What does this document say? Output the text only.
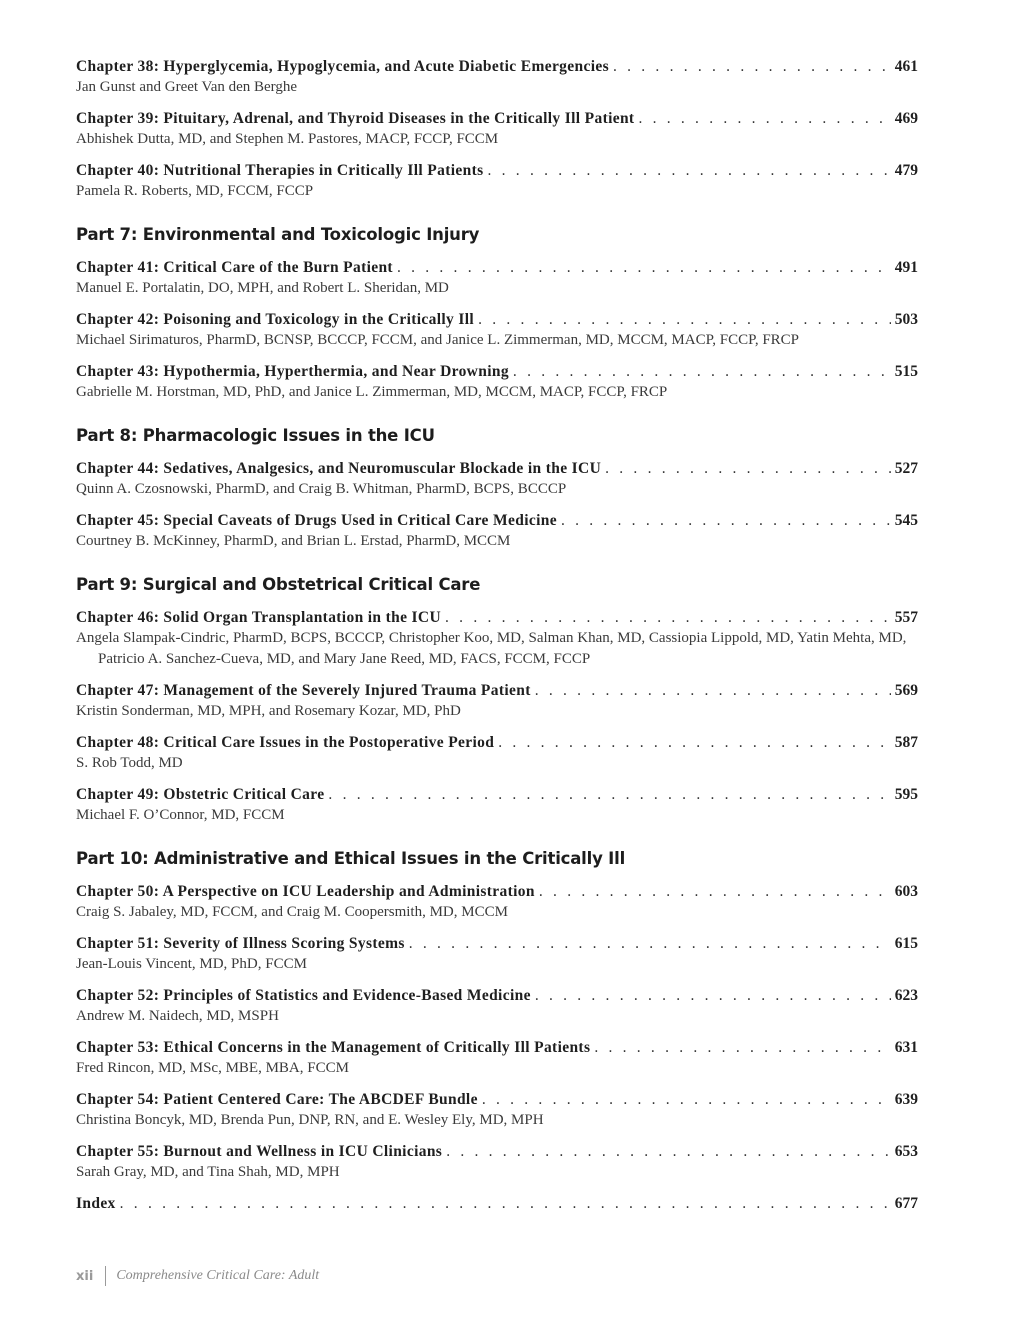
Chapter 38: Hyperglycemia, Hypoglycemia, and Acute Diabetic Emergencies . . .	461
Jan Gunst and Greet Van den Berghe
Chapter 39: Pituitary, Adrenal, and Thyroid Diseases in the Critically Ill Patient . . .	469
Abhishek Dutta, MD, and Stephen M. Pastores, MACP, FCCP, FCCM
Chapter 40: Nutritional Therapies in Critically Ill Patients . . .	479
Pamela R. Roberts, MD, FCCM, FCCP
Part 7: Environmental and Toxicologic Injury
Chapter 41: Critical Care of the Burn Patient . . .	491
Manuel E. Portalatin, DO, MPH, and Robert L. Sheridan, MD
Chapter 42: Poisoning and Toxicology in the Critically Ill . . .	503
Michael Sirimaturos, PharmD, BCNSP, BCCCP, FCCM, and Janice L. Zimmerman, MD, MCCM, MACP, FCCP, FRCP
Chapter 43: Hypothermia, Hyperthermia, and Near Drowning . . .	515
Gabrielle M. Horstman, MD, PhD, and Janice L. Zimmerman, MD, MCCM, MACP, FCCP, FRCP
Part 8: Pharmacologic Issues in the ICU
Chapter 44: Sedatives, Analgesics, and Neuromuscular Blockade in the ICU . . .	527
Quinn A. Czosnowski, PharmD, and Craig B. Whitman, PharmD, BCPS, BCCCP
Chapter 45: Special Caveats of Drugs Used in Critical Care Medicine . . .	545
Courtney B. McKinney, PharmD, and Brian L. Erstad, PharmD, MCCM
Part 9: Surgical and Obstetrical Critical Care
Chapter 46: Solid Organ Transplantation in the ICU . . .	557
Angela Slampak-Cindric, PharmD, BCPS, BCCCP, Christopher Koo, MD, Salman Khan, MD, Cassiopia Lippold, MD, Yatin Mehta, MD, Patricio A. Sanchez-Cueva, MD, and Mary Jane Reed, MD, FACS, FCCM, FCCP
Chapter 47: Management of the Severely Injured Trauma Patient . . .	569
Kristin Sonderman, MD, MPH, and Rosemary Kozar, MD, PhD
Chapter 48: Critical Care Issues in the Postoperative Period . . .	587
S. Rob Todd, MD
Chapter 49: Obstetric Critical Care . . .	595
Michael F. O’Connor, MD, FCCM
Part 10: Administrative and Ethical Issues in the Critically Ill
Chapter 50: A Perspective on ICU Leadership and Administration . . .	603
Craig S. Jabaley, MD, FCCM, and Craig M. Coopersmith, MD, MCCM
Chapter 51: Severity of Illness Scoring Systems . . .	615
Jean-Louis Vincent, MD, PhD, FCCM
Chapter 52: Principles of Statistics and Evidence-Based Medicine . . .	623
Andrew M. Naidech, MD, MSPH
Chapter 53: Ethical Concerns in the Management of Critically Ill Patients . . .	631
Fred Rincon, MD, MSc, MBE, MBA, FCCM
Chapter 54: Patient Centered Care: The ABCDEF Bundle . . .	639
Christina Boncyk, MD, Brenda Pun, DNP, RN, and E. Wesley Ely, MD, MPH
Chapter 55: Burnout and Wellness in ICU Clinicians . . .	653
Sarah Gray, MD, and Tina Shah, MD, MPH
Index . . .	677
xii Comprehensive Critical Care: Adult
